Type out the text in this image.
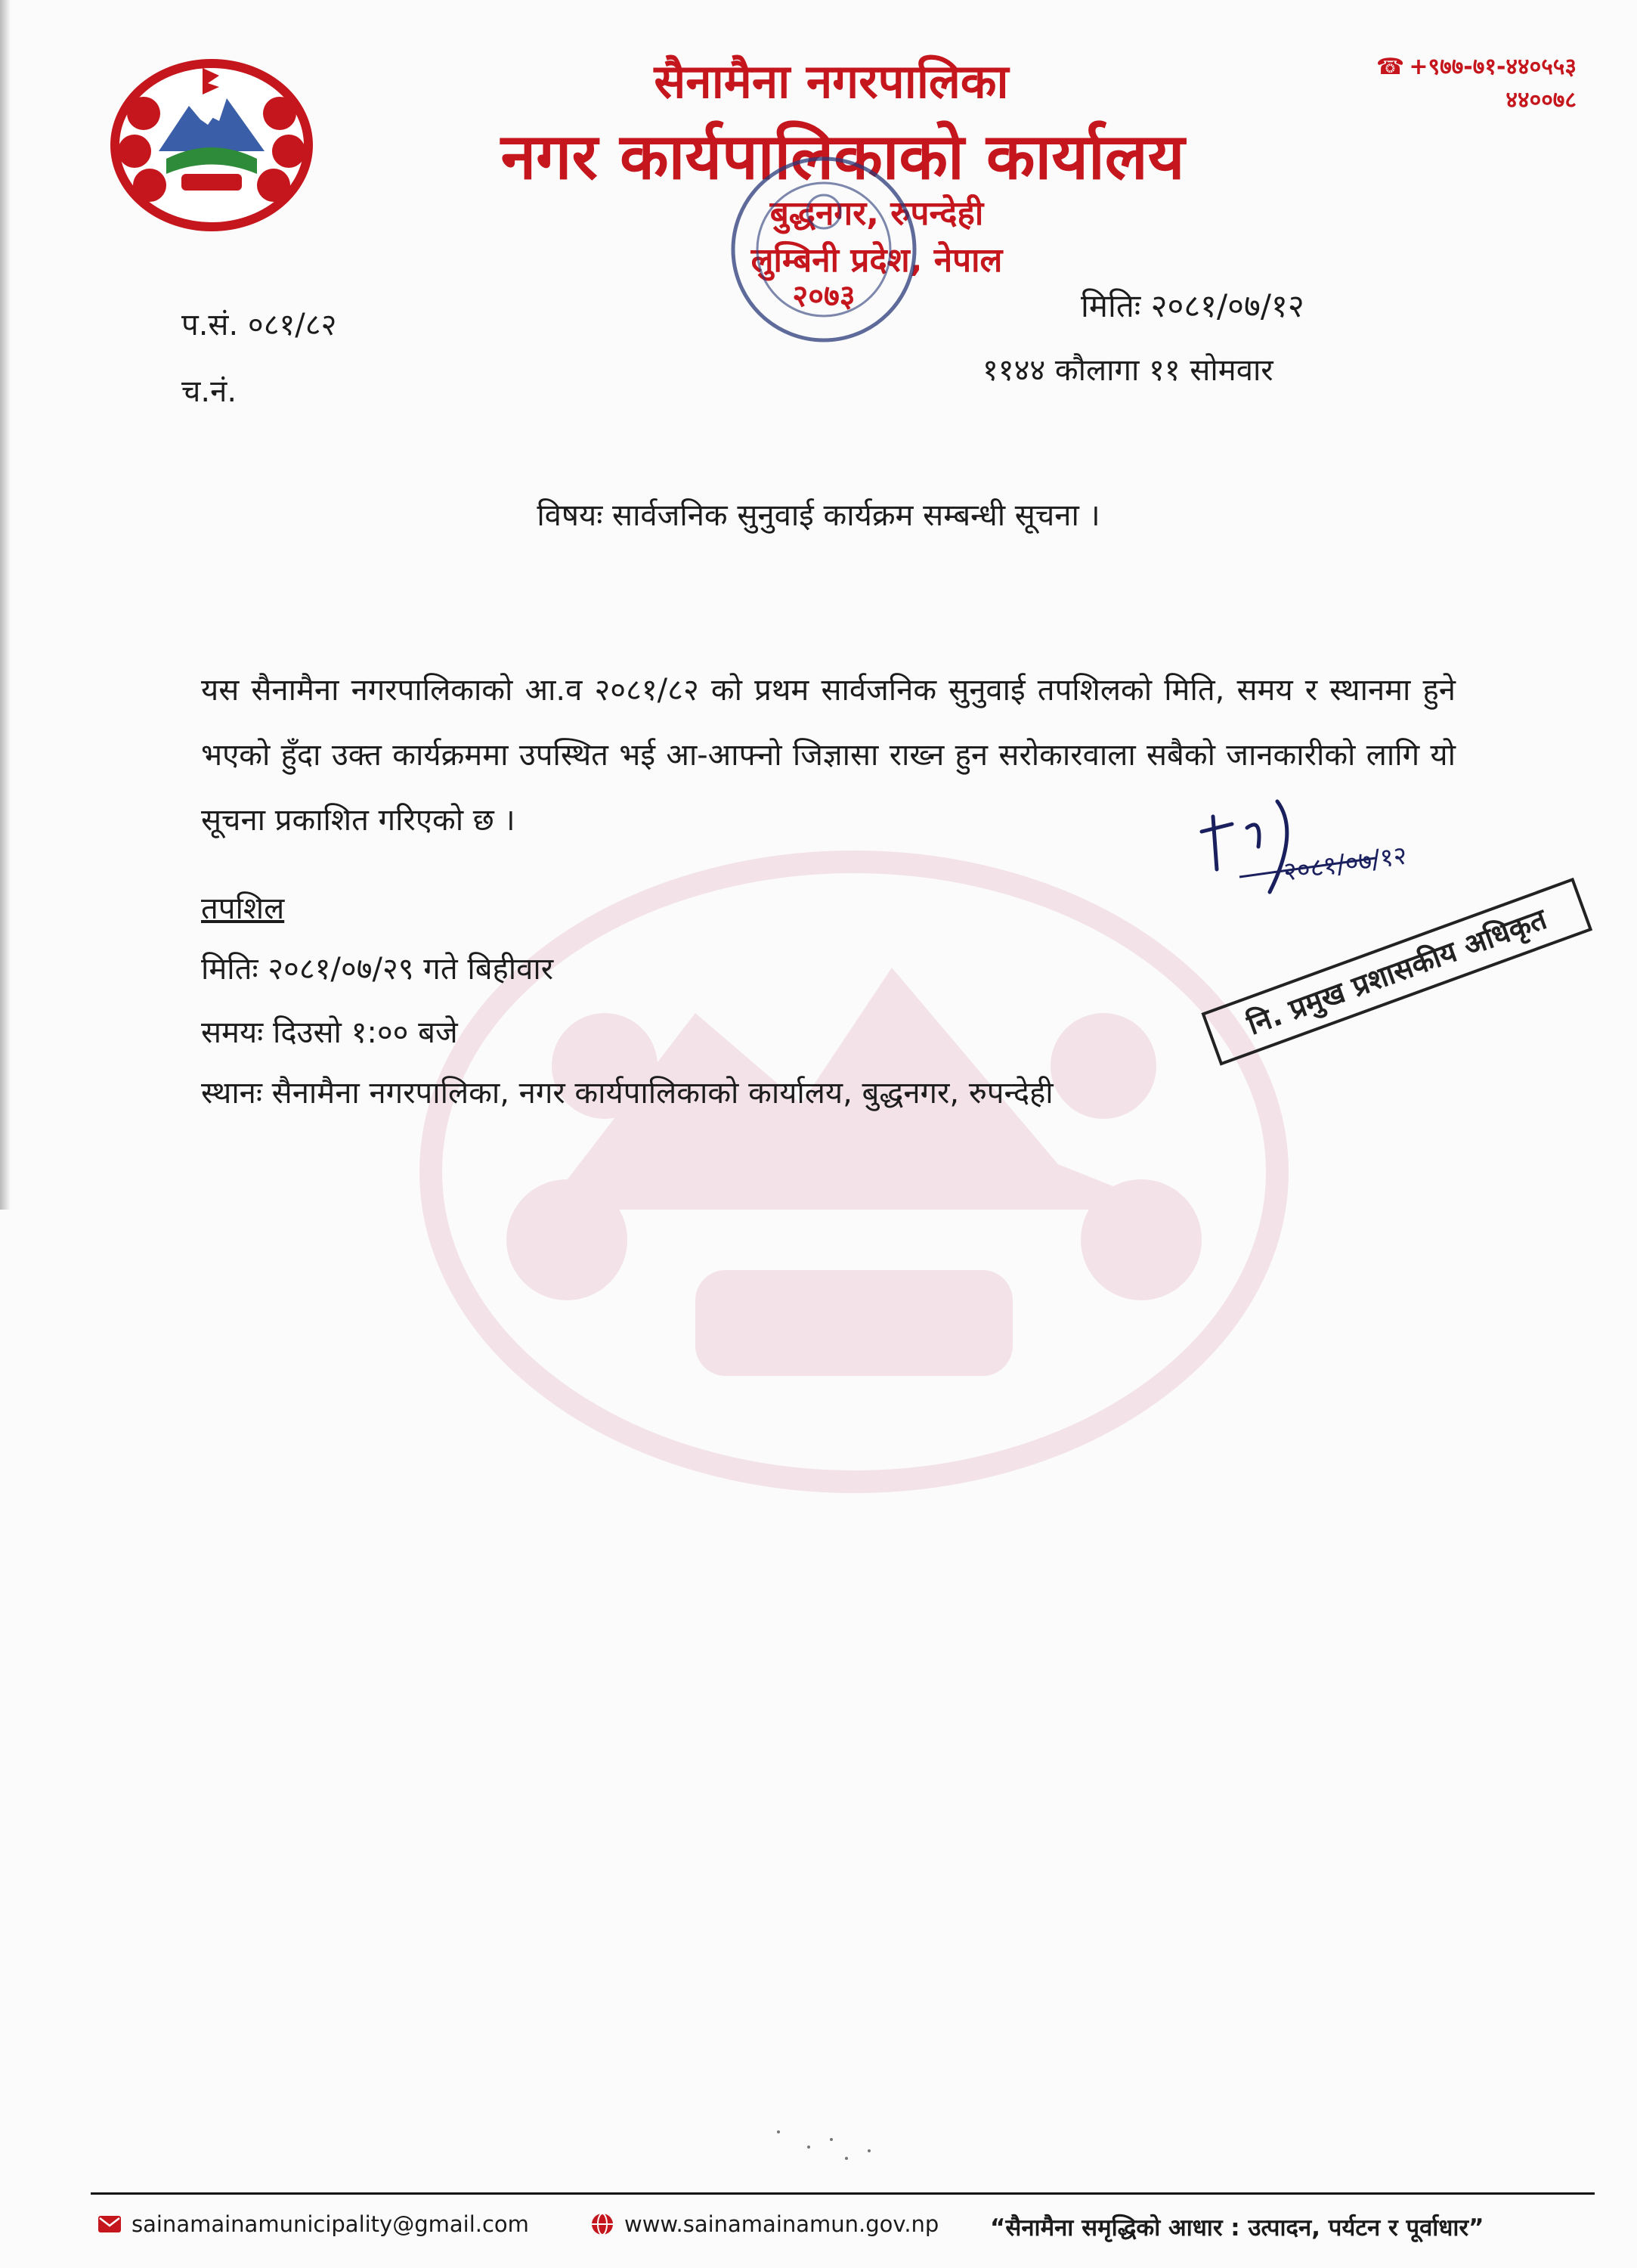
सैनामैना नगरपालिका
नगर कार्यपालिकाको कार्यालय
बुद्धनगर, रुपन्देही
लुम्बिनी प्रदेश, नेपाल
☎ +९७७-७१-४४०५५३
४४००७८
२०७३
प.सं. ०८१/८२
च.नं.
मितिः २०८१/०७/१२
११४४ कौलागा ११ सोमवार
विषयः सार्वजनिक सुनुवाई कार्यक्रम सम्बन्धी सूचना ।
यस सैनामैना नगरपालिकाको आ.व २०८१/८२ को प्रथम सार्वजनिक सुनुवाई तपशिलको मिति, समय र स्थानमा हुने भएको हुँदा उक्त कार्यक्रममा उपस्थित भई आ-आफ्नो जिज्ञासा राख्न हुन सरोकारवाला सबैको जानकारीको लागि यो सूचना प्रकाशित गरिएको छ ।
तपशिल
मितिः २०८१/०७/२९ गते बिहीवार
समयः दिउसो १:०० बजे
स्थानः सैनामैना नगरपालिका, नगर कार्यपालिकाको कार्यालय, बुद्धनगर, रुपन्देही
२०८१/०७/१२
नि. प्रमुख प्रशासकीय अधिकृत
sainamainamunicipality@gmail.com	www.sainamainamun.gov.np “सैनामैना समृद्धिको आधार : उत्पादन, पर्यटन र पूर्वाधार”
